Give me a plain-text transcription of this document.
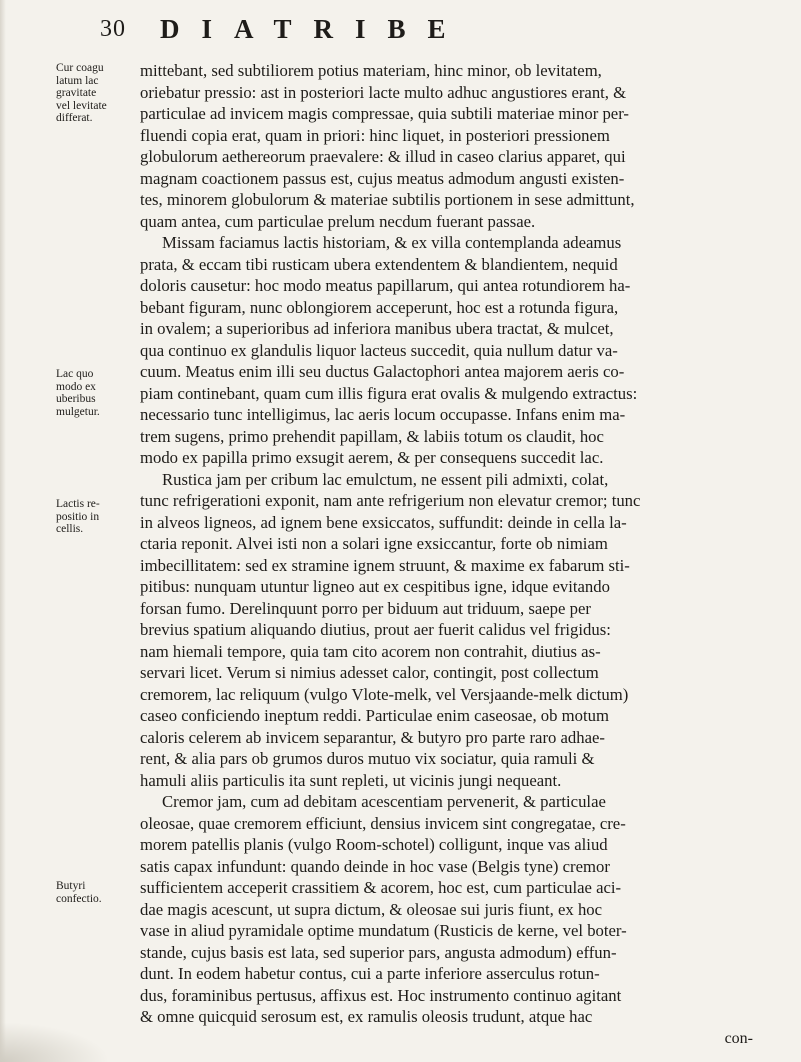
30 DIATRIBE
Cur coagu
latum lac
gravitate
vel levitate
differat.
Lac quo
modo ex
uberibus
mulgetur.
Lactis re-
positio in
cellis.
Butyri
confectio.
mittebant, sed subtiliorem potius materiam, hinc minor, ob levitatem,
oriebatur pressio: ast in posteriori lacte multo adhuc angustiores erant, &
particulae ad invicem magis compressae, quia subtili materiae minor per-
fluendi copia erat, quam in priori: hinc liquet, in posteriori pressionem
globulorum aethereorum praevalere: & illud in caseo clarius apparet, qui
magnam coactionem passus est, cujus meatus admodum angusti existen-
tes, minorem globulorum & materiae subtilis portionem in sese admittunt,
quam antea, cum particulae prelum necdum fuerant passae.
Missam faciamus lactis historiam, & ex villa contemplanda adeamus
prata, & eccam tibi rusticam ubera extendentem & blandientem, nequid
doloris causetur: hoc modo meatus papillarum, qui antea rotundiorem ha-
bebant figuram, nunc oblongiorem acceperunt, hoc est a rotunda figura,
in ovalem; a superioribus ad inferiora manibus ubera tractat, & mulcet,
qua continuo ex glandulis liquor lacteus succedit, quia nullum datur va-
cuum. Meatus enim illi seu ductus Galactophori antea majorem aeris co-
piam continebant, quam cum illis figura erat ovalis & mulgendo extractus:
necessario tunc intelligimus, lac aeris locum occupasse. Infans enim ma-
trem sugens, primo prehendit papillam, & labiis totum os claudit, hoc
modo ex papilla primo exsugit aerem, & per consequens succedit lac.
Rustica jam per cribum lac emulctum, ne essent pili admixti, colat,
tunc refrigerationi exponit, nam ante refrigerium non elevatur cremor; tunc
in alveos ligneos, ad ignem bene exsiccatos, suffundit: deinde in cella la-
ctaria reponit. Alvei isti non a solari igne exsiccantur, forte ob nimiam
imbecillitatem: sed ex stramine ignem struunt, & maxime ex fabarum sti-
pitibus: nunquam utuntur ligneo aut ex cespitibus igne, idque evitando
forsan fumo. Derelinquunt porro per biduum aut triduum, saepe per
brevius spatium aliquando diutius, prout aer fuerit calidus vel frigidus:
nam hiemali tempore, quia tam cito acorem non contrahit, diutius as-
servari licet. Verum si nimius adesset calor, contingit, post collectum
cremorem, lac reliquum (vulgo Vlote-melk, vel Versjaande-melk dictum)
caseo conficiendo ineptum reddi. Particulae enim caseosae, ob motum
caloris celerem ab invicem separantur, & butyro pro parte raro adhae-
rent, & alia pars ob grumos duros mutuo vix sociatur, quia ramuli &
hamuli aliis particulis ita sunt repleti, ut vicinis jungi nequeant.
Cremor jam, cum ad debitam acescentiam pervenerit, & particulae
oleosae, quae cremorem efficiunt, densius invicem sint congregatae, cre-
morem patellis planis (vulgo Room-schotel) colligunt, inque vas aliud
satis capax infundunt: quando deinde in hoc vase (Belgis tyne) cremor
sufficientem acceperit crassitiem & acorem, hoc est, cum particulae aci-
dae magis acescunt, ut supra dictum, & oleosae sui juris fiunt, ex hoc
vase in aliud pyramidale optime mundatum (Rusticis de kerne, vel boter-
stande, cujus basis est lata, sed superior pars, angusta admodum) effun-
dunt. In eodem habetur contus, cui a parte inferiore asserculus rotun-
dus, foraminibus pertusus, affixus est. Hoc instrumento continuo agitant
& omne quicquid serosum est, ex ramulis oleosis trudunt, atque hac
con-
